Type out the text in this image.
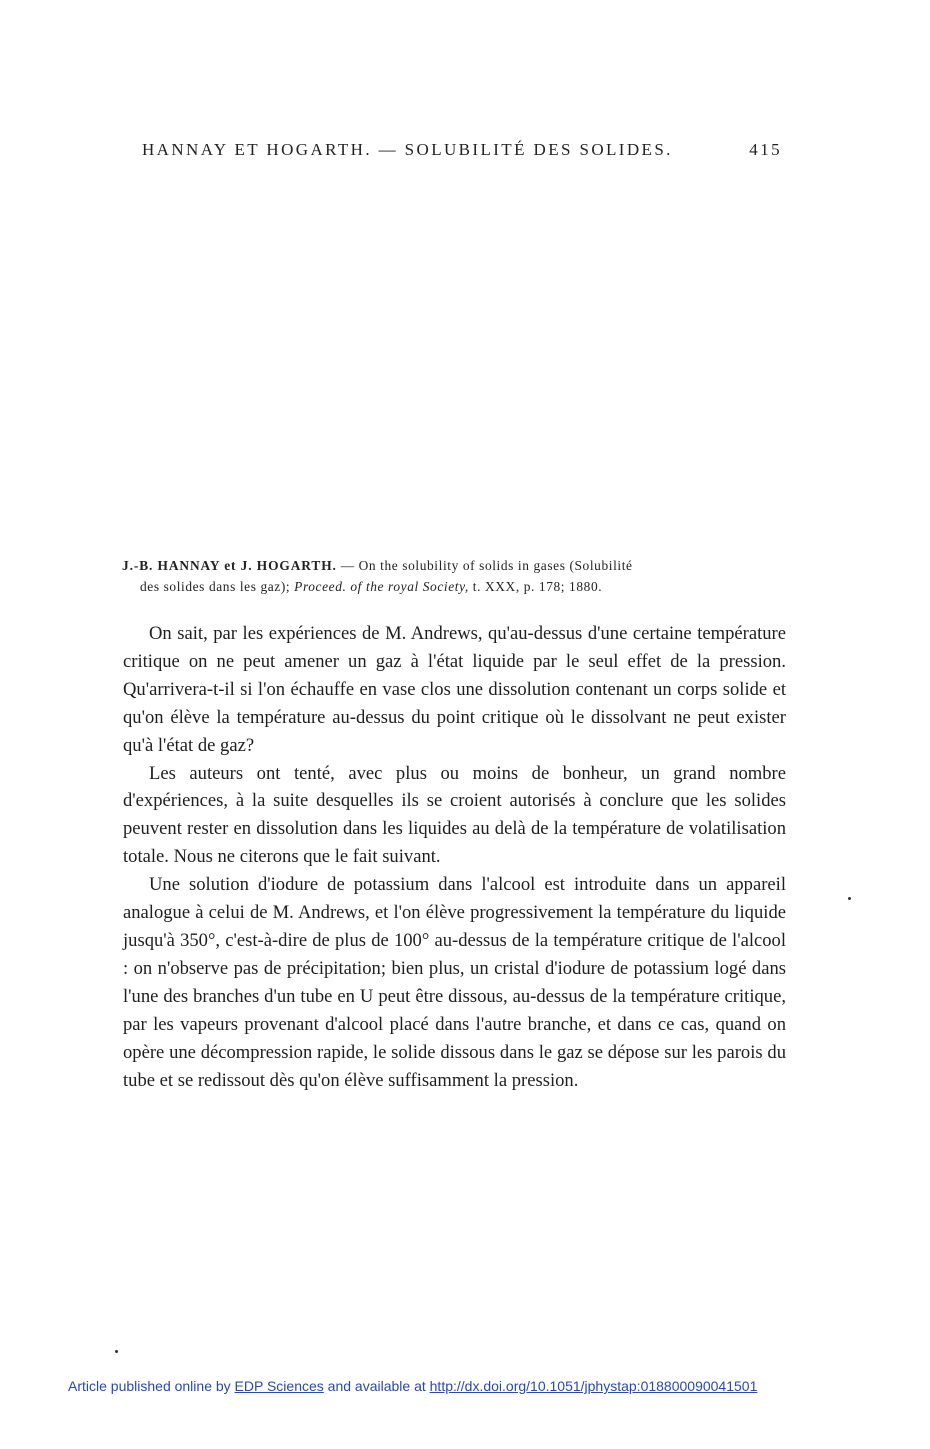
HANNAY ET HOGARTH. — SOLUBILITÉ DES SOLIDES.	415
J.-B. HANNAY et J. HOGARTH. — On the solubility of solids in gases (Solubilité
des solides dans les gaz); Proceed. of the royal Society, t. XXX, p. 178; 1880.

On sait, par les expériences de M. Andrews, qu'au-dessus d'une certaine température critique on ne peut amener un gaz à l'état liquide par le seul effet de la pression. Qu'arrivera-t-il si l'on échauffe en vase clos une dissolution contenant un corps solide et qu'on élève la température au-dessus du point critique où le dissolvant ne peut exister qu'à l'état de gaz?

Les auteurs ont tenté, avec plus ou moins de bonheur, un grand nombre d'expériences, à la suite desquelles ils se croient autorisés à conclure que les solides peuvent rester en dissolution dans les liquides au delà de la température de volatilisation totale. Nous ne citerons que le fait suivant.

Une solution d'iodure de potassium dans l'alcool est introduite dans un appareil analogue à celui de M. Andrews, et l'on élève progressivement la température du liquide jusqu'à 350°, c'est-à-dire de plus de 100° au-dessus de la température critique de l'alcool : on n'observe pas de précipitation; bien plus, un cristal d'iodure de potassium logé dans l'une des branches d'un tube en U peut être dissous, au-dessus de la température critique, par les vapeurs provenant d'alcool placé dans l'autre branche, et dans ce cas, quand on opère une décompression rapide, le solide dissous dans le gaz se dépose sur les parois du tube et se redissout dès qu'on élève suffisamment la pression.

Article published online by EDP Sciences and available at http://dx.doi.org/10.1051/jphystap:018800090041501
